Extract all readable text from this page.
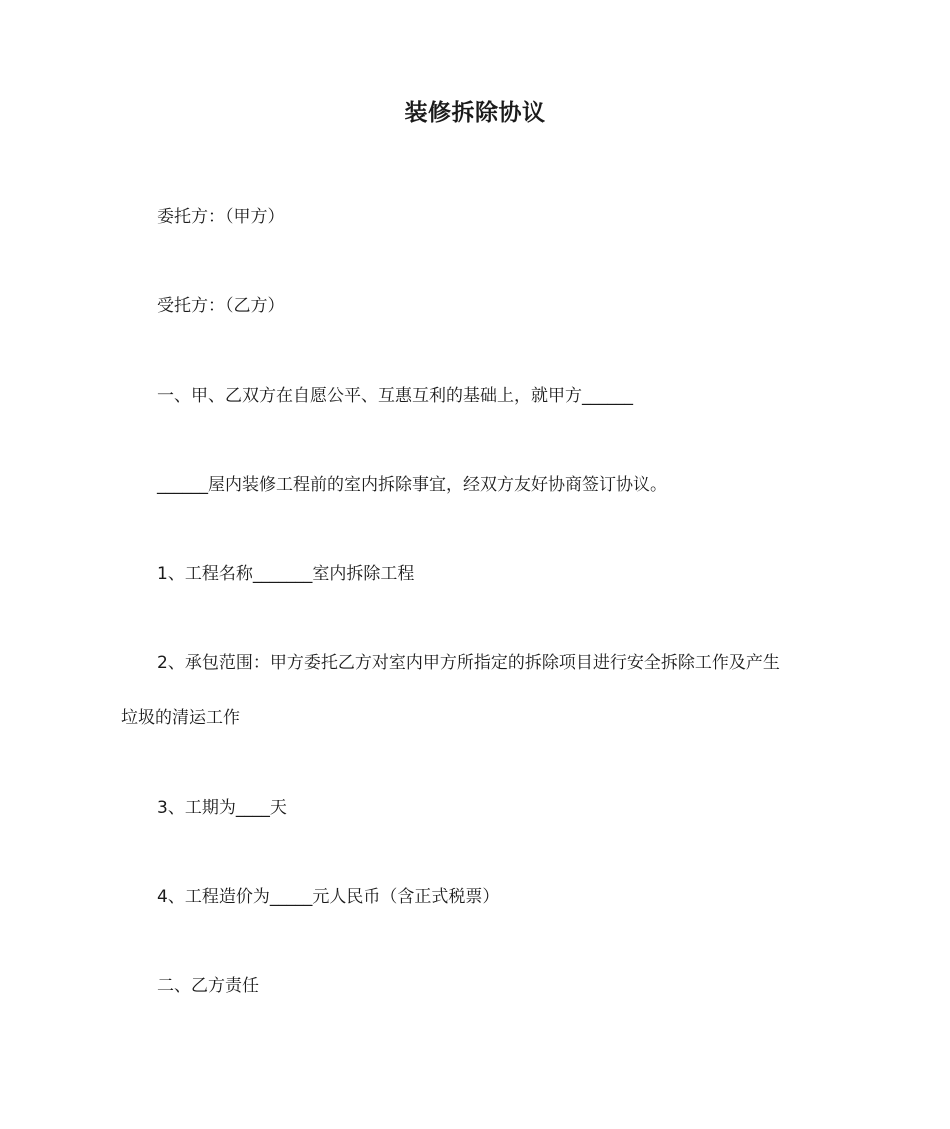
装修拆除协议

委托方：（甲方）

受托方：（乙方）

一、甲、乙双方在自愿公平、互惠互利的基础上，就甲方______

______屋内装修工程前的室内拆除事宜，经双方友好协商签订协议。

1、工程名称_______室内拆除工程

2、承包范围：甲方委托乙方对室内甲方所指定的拆除项目进行安全拆除工作及产生

垃圾的清运工作

3、工期为____天

4、工程造价为_____元人民币（含正式税票）

二、乙方责任
